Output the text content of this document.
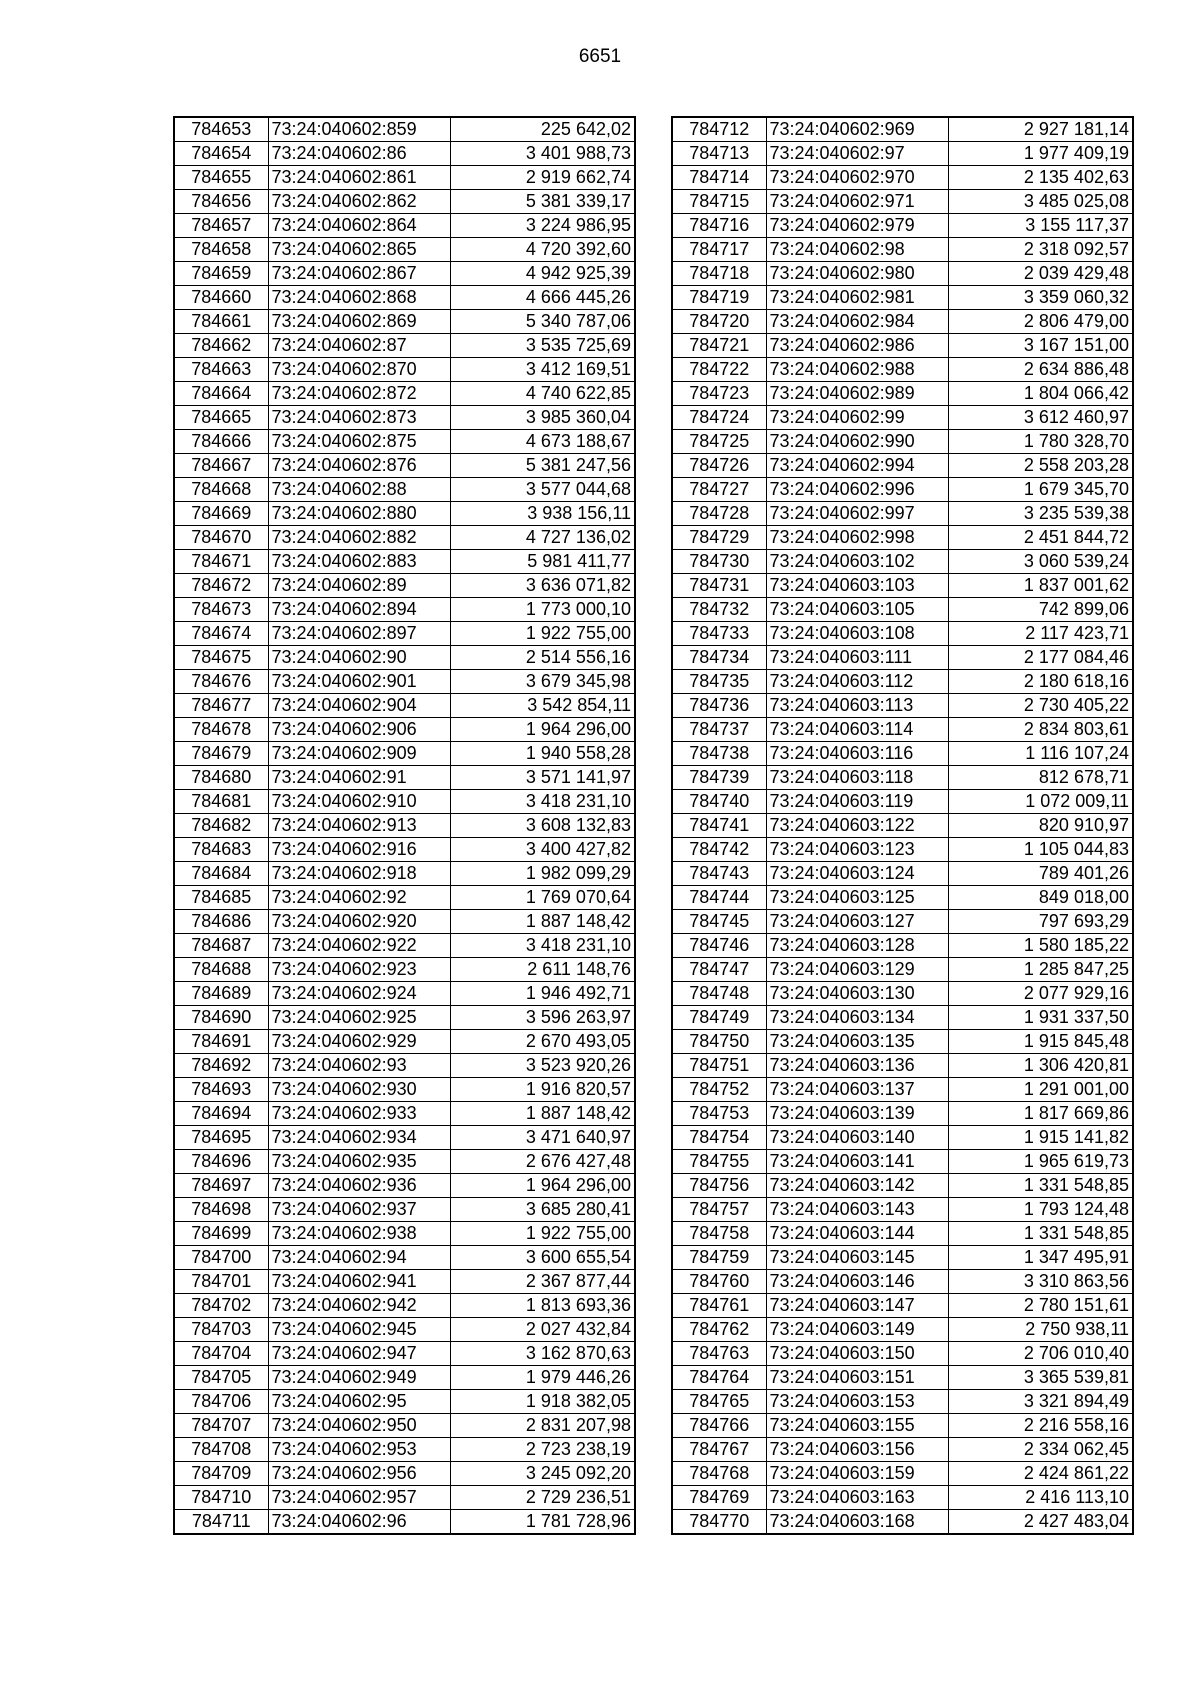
6651
784653	73:24:040602:859	225 642,02
784654	73:24:040602:86	3 401 988,73
784655	73:24:040602:861	2 919 662,74
784656	73:24:040602:862	5 381 339,17
784657	73:24:040602:864	3 224 986,95
784658	73:24:040602:865	4 720 392,60
784659	73:24:040602:867	4 942 925,39
784660	73:24:040602:868	4 666 445,26
784661	73:24:040602:869	5 340 787,06
784662	73:24:040602:87	3 535 725,69
784663	73:24:040602:870	3 412 169,51
784664	73:24:040602:872	4 740 622,85
784665	73:24:040602:873	3 985 360,04
784666	73:24:040602:875	4 673 188,67
784667	73:24:040602:876	5 381 247,56
784668	73:24:040602:88	3 577 044,68
784669	73:24:040602:880	3 938 156,11
784670	73:24:040602:882	4 727 136,02
784671	73:24:040602:883	5 981 411,77
784672	73:24:040602:89	3 636 071,82
784673	73:24:040602:894	1 773 000,10
784674	73:24:040602:897	1 922 755,00
784675	73:24:040602:90	2 514 556,16
784676	73:24:040602:901	3 679 345,98
784677	73:24:040602:904	3 542 854,11
784678	73:24:040602:906	1 964 296,00
784679	73:24:040602:909	1 940 558,28
784680	73:24:040602:91	3 571 141,97
784681	73:24:040602:910	3 418 231,10
784682	73:24:040602:913	3 608 132,83
784683	73:24:040602:916	3 400 427,82
784684	73:24:040602:918	1 982 099,29
784685	73:24:040602:92	1 769 070,64
784686	73:24:040602:920	1 887 148,42
784687	73:24:040602:922	3 418 231,10
784688	73:24:040602:923	2 611 148,76
784689	73:24:040602:924	1 946 492,71
784690	73:24:040602:925	3 596 263,97
784691	73:24:040602:929	2 670 493,05
784692	73:24:040602:93	3 523 920,26
784693	73:24:040602:930	1 916 820,57
784694	73:24:040602:933	1 887 148,42
784695	73:24:040602:934	3 471 640,97
784696	73:24:040602:935	2 676 427,48
784697	73:24:040602:936	1 964 296,00
784698	73:24:040602:937	3 685 280,41
784699	73:24:040602:938	1 922 755,00
784700	73:24:040602:94	3 600 655,54
784701	73:24:040602:941	2 367 877,44
784702	73:24:040602:942	1 813 693,36
784703	73:24:040602:945	2 027 432,84
784704	73:24:040602:947	3 162 870,63
784705	73:24:040602:949	1 979 446,26
784706	73:24:040602:95	1 918 382,05
784707	73:24:040602:950	2 831 207,98
784708	73:24:040602:953	2 723 238,19
784709	73:24:040602:956	3 245 092,20
784710	73:24:040602:957	2 729 236,51
784711	73:24:040602:96	1 781 728,96
784712	73:24:040602:969	2 927 181,14
784713	73:24:040602:97	1 977 409,19
784714	73:24:040602:970	2 135 402,63
784715	73:24:040602:971	3 485 025,08
784716	73:24:040602:979	3 155 117,37
784717	73:24:040602:98	2 318 092,57
784718	73:24:040602:980	2 039 429,48
784719	73:24:040602:981	3 359 060,32
784720	73:24:040602:984	2 806 479,00
784721	73:24:040602:986	3 167 151,00
784722	73:24:040602:988	2 634 886,48
784723	73:24:040602:989	1 804 066,42
784724	73:24:040602:99	3 612 460,97
784725	73:24:040602:990	1 780 328,70
784726	73:24:040602:994	2 558 203,28
784727	73:24:040602:996	1 679 345,70
784728	73:24:040602:997	3 235 539,38
784729	73:24:040602:998	2 451 844,72
784730	73:24:040603:102	3 060 539,24
784731	73:24:040603:103	1 837 001,62
784732	73:24:040603:105	742 899,06
784733	73:24:040603:108	2 117 423,71
784734	73:24:040603:111	2 177 084,46
784735	73:24:040603:112	2 180 618,16
784736	73:24:040603:113	2 730 405,22
784737	73:24:040603:114	2 834 803,61
784738	73:24:040603:116	1 116 107,24
784739	73:24:040603:118	812 678,71
784740	73:24:040603:119	1 072 009,11
784741	73:24:040603:122	820 910,97
784742	73:24:040603:123	1 105 044,83
784743	73:24:040603:124	789 401,26
784744	73:24:040603:125	849 018,00
784745	73:24:040603:127	797 693,29
784746	73:24:040603:128	1 580 185,22
784747	73:24:040603:129	1 285 847,25
784748	73:24:040603:130	2 077 929,16
784749	73:24:040603:134	1 931 337,50
784750	73:24:040603:135	1 915 845,48
784751	73:24:040603:136	1 306 420,81
784752	73:24:040603:137	1 291 001,00
784753	73:24:040603:139	1 817 669,86
784754	73:24:040603:140	1 915 141,82
784755	73:24:040603:141	1 965 619,73
784756	73:24:040603:142	1 331 548,85
784757	73:24:040603:143	1 793 124,48
784758	73:24:040603:144	1 331 548,85
784759	73:24:040603:145	1 347 495,91
784760	73:24:040603:146	3 310 863,56
784761	73:24:040603:147	2 780 151,61
784762	73:24:040603:149	2 750 938,11
784763	73:24:040603:150	2 706 010,40
784764	73:24:040603:151	3 365 539,81
784765	73:24:040603:153	3 321 894,49
784766	73:24:040603:155	2 216 558,16
784767	73:24:040603:156	2 334 062,45
784768	73:24:040603:159	2 424 861,22
784769	73:24:040603:163	2 416 113,10
784770	73:24:040603:168	2 427 483,04
